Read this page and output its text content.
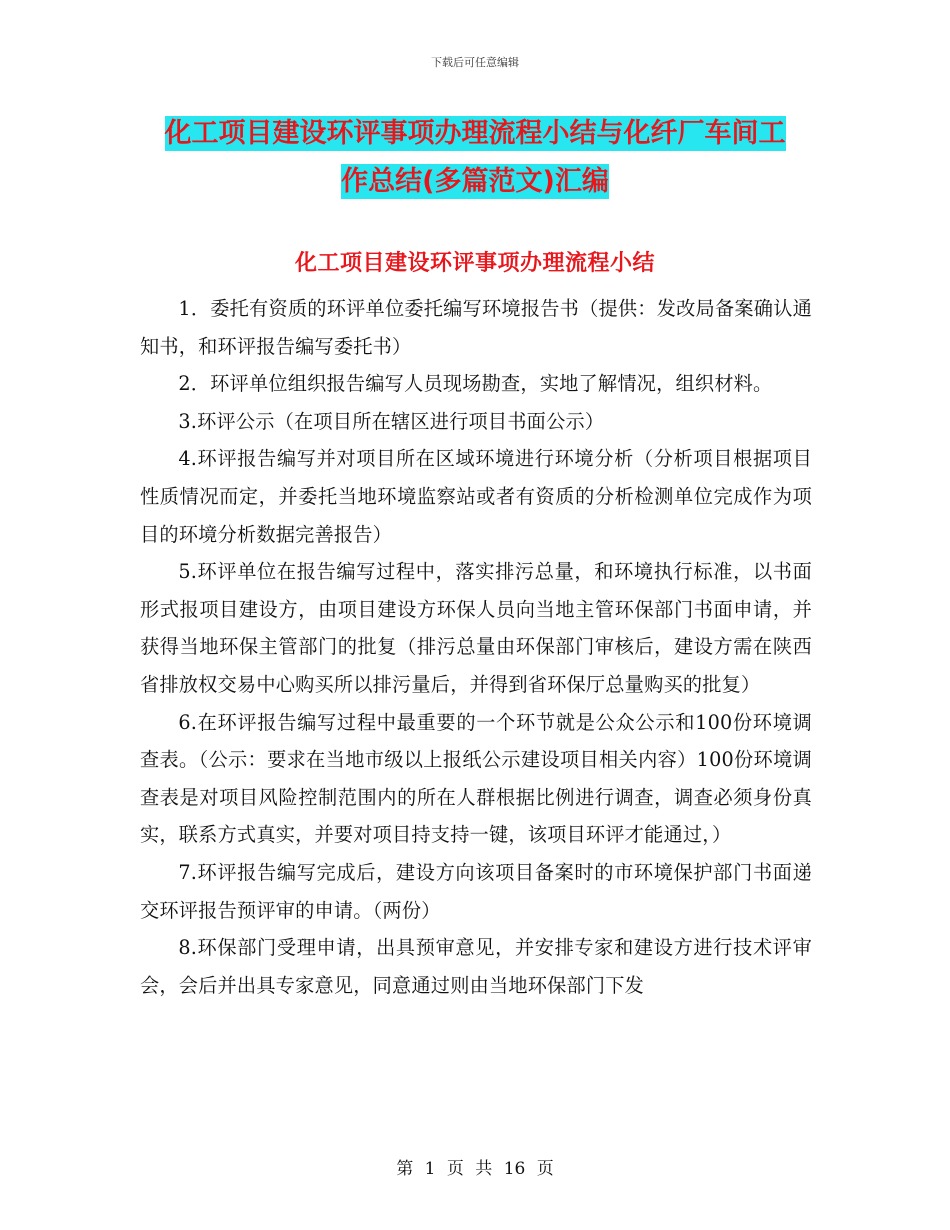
下载后可任意编辑
化工项目建设环评事项办理流程小结与化纤厂车间工
作总结(多篇范文)汇编
化工项目建设环评事项办理流程小结

1．委托有资质的环评单位委托编写环境报告书（提供：发改局备案确认通知书，和环评报告编写委托书）

2．环评单位组织报告编写人员现场勘查，实地了解情况，组织材料。

3.环评公示（在项目所在辖区进行项目书面公示）

4.环评报告编写并对项目所在区域环境进行环境分析（分析项目根据项目性质情况而定，并委托当地环境监察站或者有资质的分析检测单位完成作为项目的环境分析数据完善报告）

5.环评单位在报告编写过程中，落实排污总量，和环境执行标准，以书面形式报项目建设方，由项目建设方环保人员向当地主管环保部门书面申请，并获得当地环保主管部门的批复（排污总量由环保部门审核后，建设方需在陕西省排放权交易中心购买所以排污量后，并得到省环保厅总量购买的批复）

6.在环评报告编写过程中最重要的一个环节就是公众公示和100份环境调查表。（公示：要求在当地市级以上报纸公示建设项目相关内容）100份环境调查表是对项目风险控制范围内的所在人群根据比例进行调查，调查必须身份真实，联系方式真实，并要对项目持支持一键，该项目环评才能通过，）

7.环评报告编写完成后，建设方向该项目备案时的市环境保护部门书面递交环评报告预评审的申请。（两份）

8.环保部门受理申请，出具预审意见，并安排专家和建设方进行技术评审会，会后并出具专家意见，同意通过则由当地环保部门下发

第 1 页 共 16 页
